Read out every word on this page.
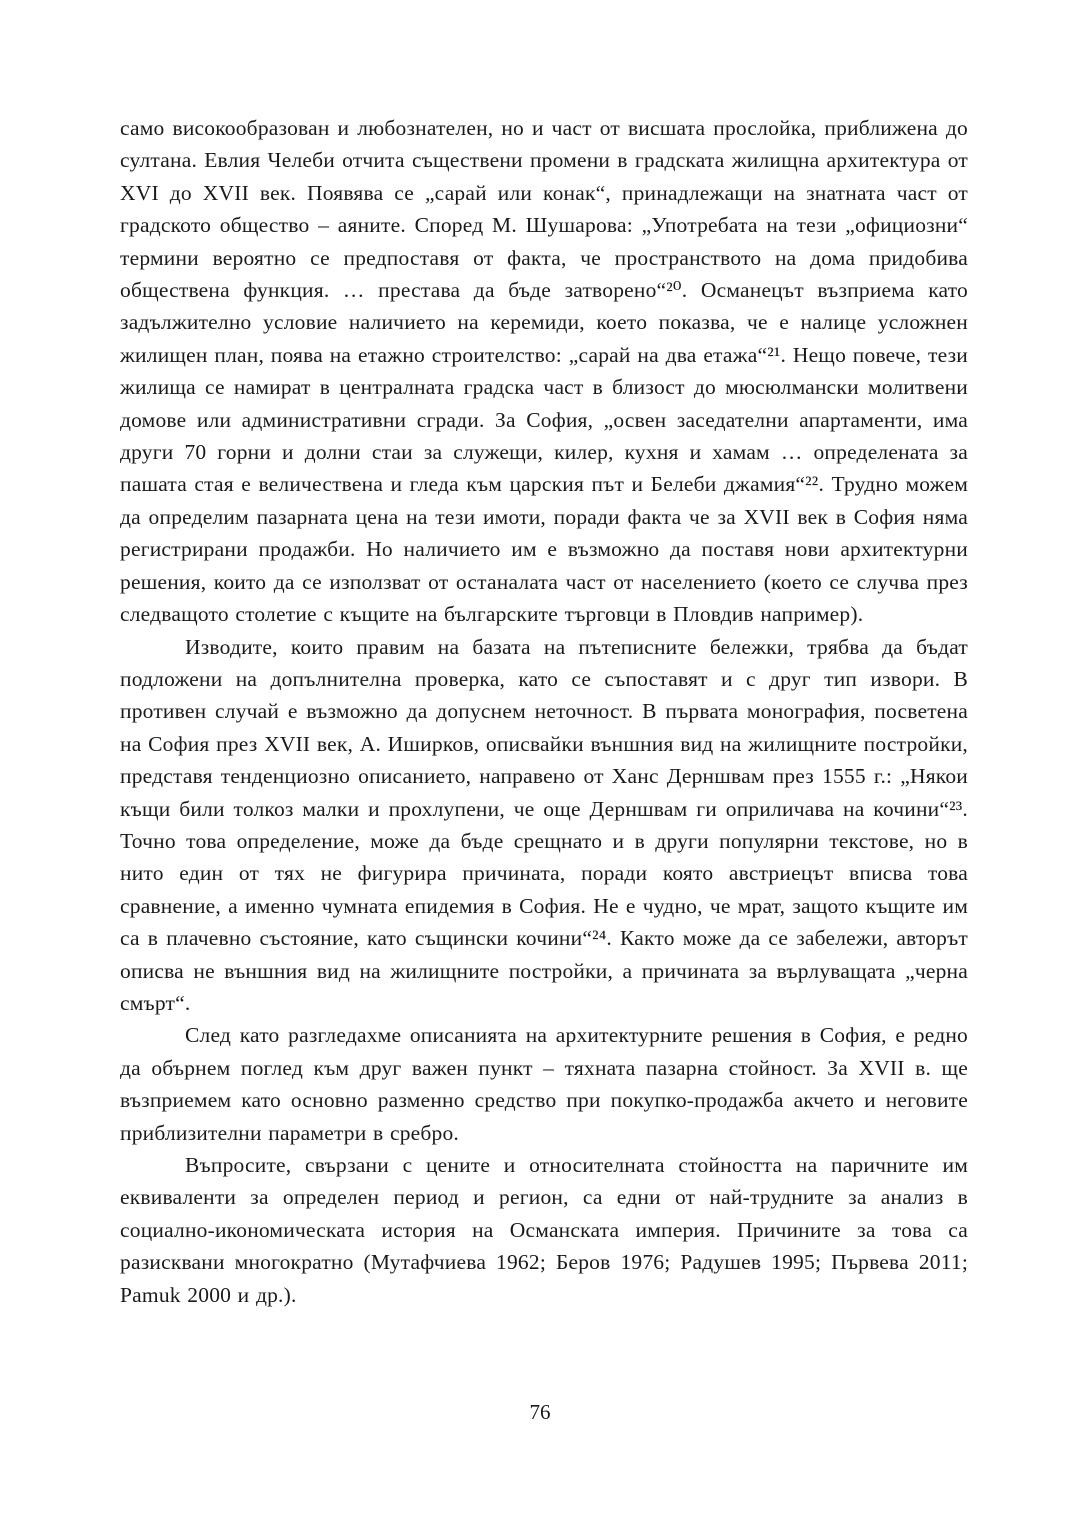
само високообразован и любознателен, но и част от висшата прослойка, приближена до султана. Евлия Челеби отчита съществени промени в градската жилищна архитектура от XVI до XVII век. Появява се „сарай или конак“, принадлежащи на знатната част от градското общество – аяните. Според М. Шушарова: „Употребата на тези „официозни“ термини вероятно се предпоставя от факта, че пространството на дома придобива обществена функция. … престава да бъде затворено“²⁰. Османецът възприема като задължително условие наличието на керемиди, което показва, че е налице усложнен жилищен план, поява на етажно строителство: „сарай на два етажа“²¹. Нещо повече, тези жилища се намират в централната градска част в близост до мюсюлмански молитвени домове или административни сгради. За София, „освен заседателни апартаменти, има други 70 горни и долни стаи за служещи, килер, кухня и хамам … определената за пашата стая е величествена и гледа към царския път и Белеби джамия“²². Трудно можем да определим пазарната цена на тези имоти, поради факта че за XVII век в София няма регистрирани продажби. Но наличието им е възможно да поставя нови архитектурни решения, които да се използват от останалата част от населението (което се случва през следващото столетие с къщите на българските търговци в Пловдив например).

Изводите, които правим на базата на пътеписните бележки, трябва да бъдат подложени на допълнителна проверка, като се съпоставят и с друг тип извори. В противен случай е възможно да допуснем неточност. В първата монография, посветена на София през XVII век, А. Иширков, описвайки външния вид на жилищните постройки, представя тенденциозно описанието, направено от Ханс Дерншвам през 1555 г.: „Някои къщи били толкоз малки и прохлупени, че още Дерншвам ги оприличава на кочини“²³. Точно това определение, може да бъде срещнато и в други популярни текстове, но в нито един от тях не фигурира причината, поради която австриецът вписва това сравнение, а именно чумната епидемия в София. Не е чудно, че мрат, защото къщите им са в плачевно състояние, като същински кочини“²⁴. Както може да се забележи, авторът описва не външния вид на жилищните постройки, а причината за върлуващата „черна смърт“.

След като разгледахме описанията на архитектурните решения в София, е редно да обърнем поглед към друг важен пункт – тяхната пазарна стойност. За XVII в. ще възприемем като основно разменно средство при покупко-продажба акчето и неговите приблизителни параметри в сребро.

Въпросите, свързани с цените и относителната стойността на паричните им еквиваленти за определен период и регион, са едни от най-трудните за анализ в социално-икономическата история на Османската империя. Причините за това са разисквани многократно (Мутафчиева 1962; Беров 1976; Радушев 1995; Първева 2011; Pamuk 2000 и др.).

76
